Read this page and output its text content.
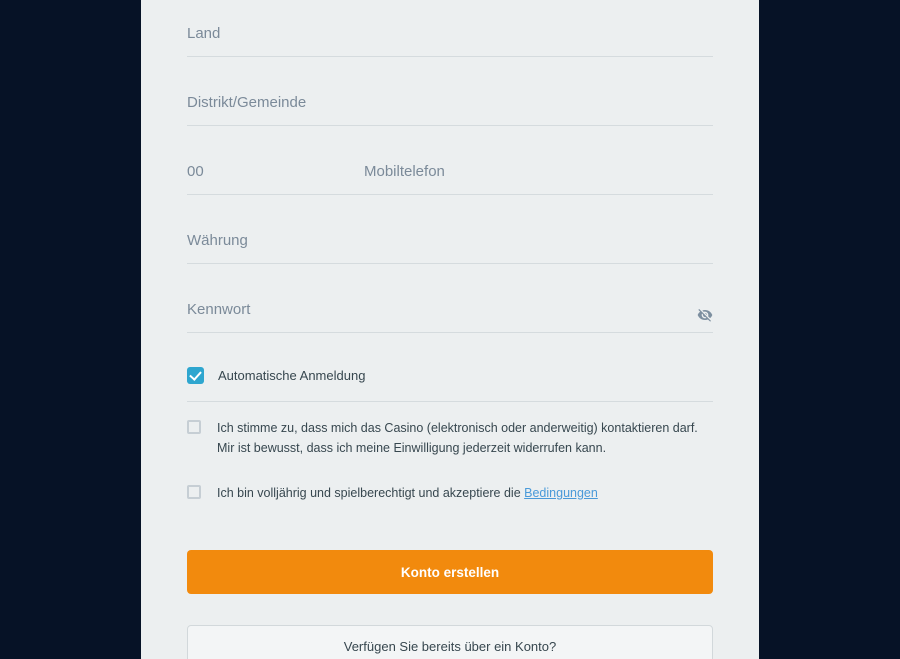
Land
Distrikt/Gemeinde
00
Mobiltelefon
Währung
Automatische Anmeldung
Ich stimme zu, dass mich das Casino (elektronisch oder anderweitig) kontaktieren darf. Mir ist bewusst, dass ich meine Einwilligung jederzeit widerrufen kann.
Ich bin volljährig und spielberechtigt und akzeptiere die Bedingungen
Konto erstellen
Verfügen Sie bereits über ein Konto?
